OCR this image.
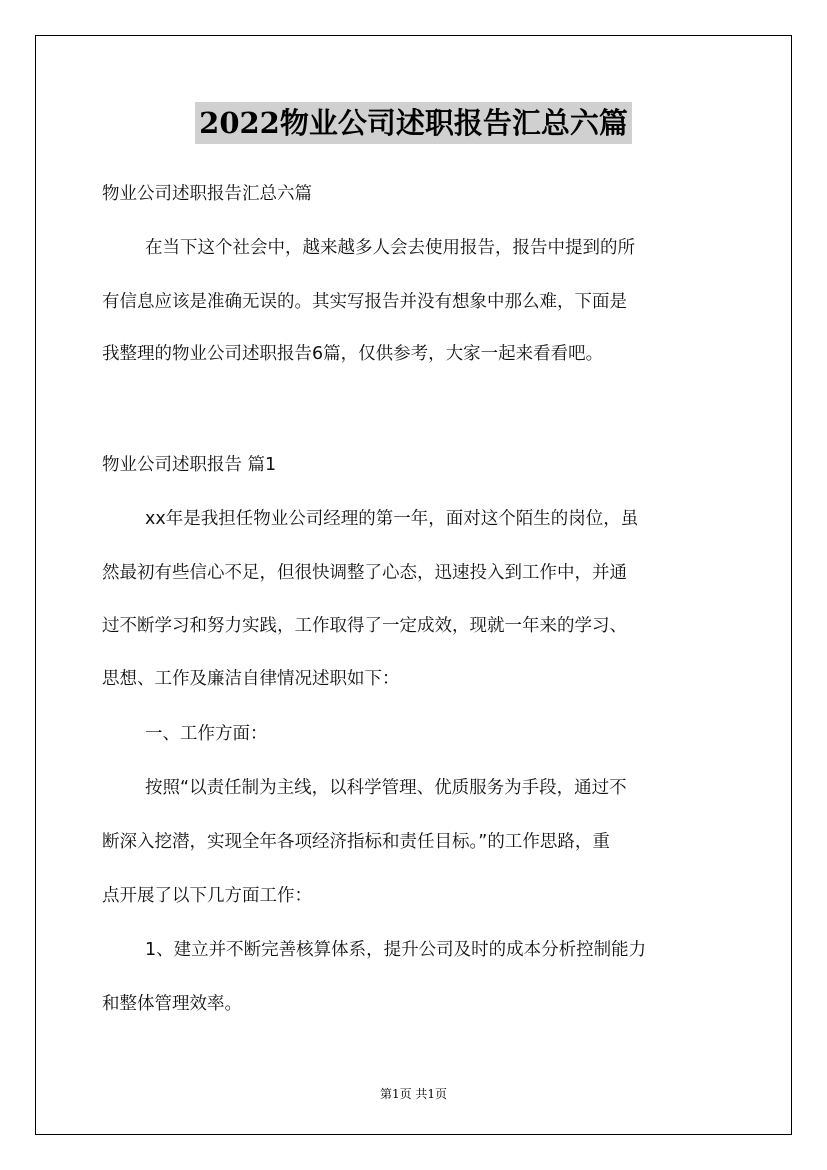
2022物业公司述职报告汇总六篇
物业公司述职报告汇总六篇
在当下这个社会中，越来越多人会去使用报告，报告中提到的所
有信息应该是准确无误的。其实写报告并没有想象中那么难，下面是
我整理的物业公司述职报告6篇，仅供参考，大家一起来看看吧。
物业公司述职报告 篇1
xx年是我担任物业公司经理的第一年，面对这个陌生的岗位，虽
然最初有些信心不足，但很快调整了心态，迅速投入到工作中，并通
过不断学习和努力实践，工作取得了一定成效，现就一年来的学习、
思想、工作及廉洁自律情况述职如下：
一、工作方面：
按照“以责任制为主线，以科学管理、优质服务为手段，通过不
断深入挖潜，实现全年各项经济指标和责任目标。”的工作思路，重
点开展了以下几方面工作：
1、建立并不断完善核算体系，提升公司及时的成本分析控制能力
和整体管理效率。
第1页 共1页
